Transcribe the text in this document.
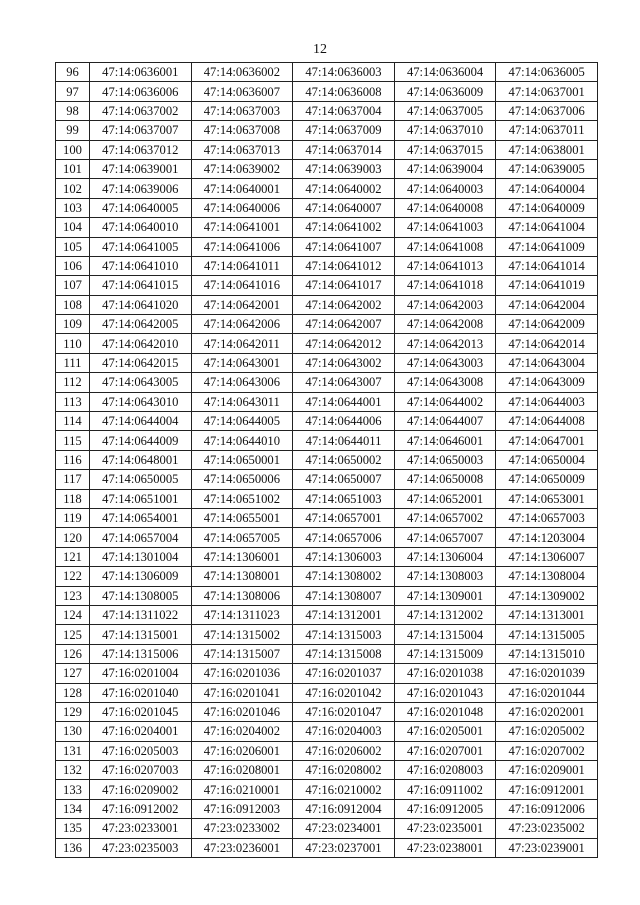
12
96	47:14:0636001	47:14:0636002	47:14:0636003	47:14:0636004	47:14:0636005
97	47:14:0636006	47:14:0636007	47:14:0636008	47:14:0636009	47:14:0637001
98	47:14:0637002	47:14:0637003	47:14:0637004	47:14:0637005	47:14:0637006
99	47:14:0637007	47:14:0637008	47:14:0637009	47:14:0637010	47:14:0637011
100	47:14:0637012	47:14:0637013	47:14:0637014	47:14:0637015	47:14:0638001
101	47:14:0639001	47:14:0639002	47:14:0639003	47:14:0639004	47:14:0639005
102	47:14:0639006	47:14:0640001	47:14:0640002	47:14:0640003	47:14:0640004
103	47:14:0640005	47:14:0640006	47:14:0640007	47:14:0640008	47:14:0640009
104	47:14:0640010	47:14:0641001	47:14:0641002	47:14:0641003	47:14:0641004
105	47:14:0641005	47:14:0641006	47:14:0641007	47:14:0641008	47:14:0641009
106	47:14:0641010	47:14:0641011	47:14:0641012	47:14:0641013	47:14:0641014
107	47:14:0641015	47:14:0641016	47:14:0641017	47:14:0641018	47:14:0641019
108	47:14:0641020	47:14:0642001	47:14:0642002	47:14:0642003	47:14:0642004
109	47:14:0642005	47:14:0642006	47:14:0642007	47:14:0642008	47:14:0642009
110	47:14:0642010	47:14:0642011	47:14:0642012	47:14:0642013	47:14:0642014
111	47:14:0642015	47:14:0643001	47:14:0643002	47:14:0643003	47:14:0643004
112	47:14:0643005	47:14:0643006	47:14:0643007	47:14:0643008	47:14:0643009
113	47:14:0643010	47:14:0643011	47:14:0644001	47:14:0644002	47:14:0644003
114	47:14:0644004	47:14:0644005	47:14:0644006	47:14:0644007	47:14:0644008
115	47:14:0644009	47:14:0644010	47:14:0644011	47:14:0646001	47:14:0647001
116	47:14:0648001	47:14:0650001	47:14:0650002	47:14:0650003	47:14:0650004
117	47:14:0650005	47:14:0650006	47:14:0650007	47:14:0650008	47:14:0650009
118	47:14:0651001	47:14:0651002	47:14:0651003	47:14:0652001	47:14:0653001
119	47:14:0654001	47:14:0655001	47:14:0657001	47:14:0657002	47:14:0657003
120	47:14:0657004	47:14:0657005	47:14:0657006	47:14:0657007	47:14:1203004
121	47:14:1301004	47:14:1306001	47:14:1306003	47:14:1306004	47:14:1306007
122	47:14:1306009	47:14:1308001	47:14:1308002	47:14:1308003	47:14:1308004
123	47:14:1308005	47:14:1308006	47:14:1308007	47:14:1309001	47:14:1309002
124	47:14:1311022	47:14:1311023	47:14:1312001	47:14:1312002	47:14:1313001
125	47:14:1315001	47:14:1315002	47:14:1315003	47:14:1315004	47:14:1315005
126	47:14:1315006	47:14:1315007	47:14:1315008	47:14:1315009	47:14:1315010
127	47:16:0201004	47:16:0201036	47:16:0201037	47:16:0201038	47:16:0201039
128	47:16:0201040	47:16:0201041	47:16:0201042	47:16:0201043	47:16:0201044
129	47:16:0201045	47:16:0201046	47:16:0201047	47:16:0201048	47:16:0202001
130	47:16:0204001	47:16:0204002	47:16:0204003	47:16:0205001	47:16:0205002
131	47:16:0205003	47:16:0206001	47:16:0206002	47:16:0207001	47:16:0207002
132	47:16:0207003	47:16:0208001	47:16:0208002	47:16:0208003	47:16:0209001
133	47:16:0209002	47:16:0210001	47:16:0210002	47:16:0911002	47:16:0912001
134	47:16:0912002	47:16:0912003	47:16:0912004	47:16:0912005	47:16:0912006
135	47:23:0233001	47:23:0233002	47:23:0234001	47:23:0235001	47:23:0235002
136	47:23:0235003	47:23:0236001	47:23:0237001	47:23:0238001	47:23:0239001
